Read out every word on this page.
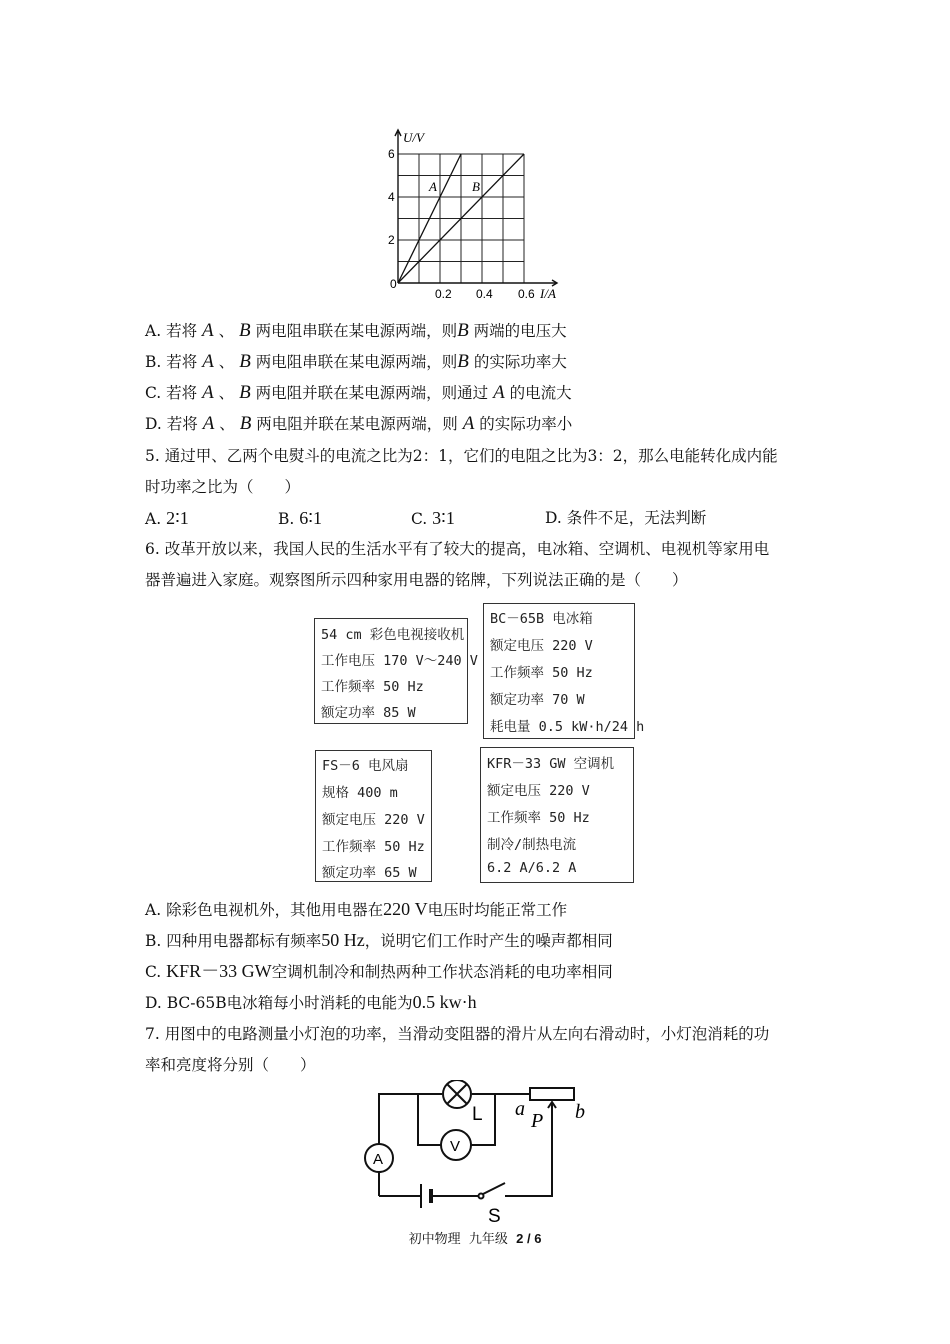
U/V
I/A
0
2
4
6
0.2 0.4 0.6
A	B
A. 若将 A 、 B 两电阻串联在某电源两端，则B 两端的电压大
B. 若将 A 、 B 两电阻串联在某电源两端，则B 的实际功率大
C. 若将 A 、 B 两电阻并联在某电源两端，则通过 A 的电流大
D. 若将 A 、 B 两电阻并联在某电源两端，则 A 的实际功率小
5. 通过甲、乙两个电熨斗的电流之比为2：1，它们的电阻之比为3：2，那么电能转化成内能
时功率之比为（　　）
A. 2∶1	B. 6∶1	C. 3∶1	D. 条件不足，无法判断
6. 改革开放以来，我国人民的生活水平有了较大的提高，电冰箱、空调机、电视机等家用电
器普遍进入家庭。观察图所示四种家用电器的铭牌，下列说法正确的是（　　）
54 cm 彩色电视接收机
工作电压 170 V～240 V
工作频率 50 Hz
额定功率 85 W
BC－65B 电冰箱
额定电压 220 V
工作频率 50 Hz
额定功率 70 W
耗电量 0.5 kW·h/24 h
FS－6 电风扇
规格 400 m
额定电压 220 V
工作频率 50 Hz
额定功率 65 W
KFR－33 GW 空调机
额定电压 220 V
工作频率 50 Hz
制冷/制热电流
6.2 A/6.2 A
A. 除彩色电视机外，其他用电器在220 V电压时均能正常工作
B. 四种用电器都标有频率50 Hz，说明它们工作时产生的噪声都相同
C. KFR－33 GW空调机制冷和制热两种工作状态消耗的电功率相同
D. BC-65B电冰箱每小时消耗的电能为0.5 kw·h
7. 用图中的电路测量小灯泡的功率，当滑动变阻器的滑片从左向右滑动时，小灯泡消耗的功
率和亮度将分别（　　）
L
V
A
S
P
a	b
初中物理 九年级 2 / 6
